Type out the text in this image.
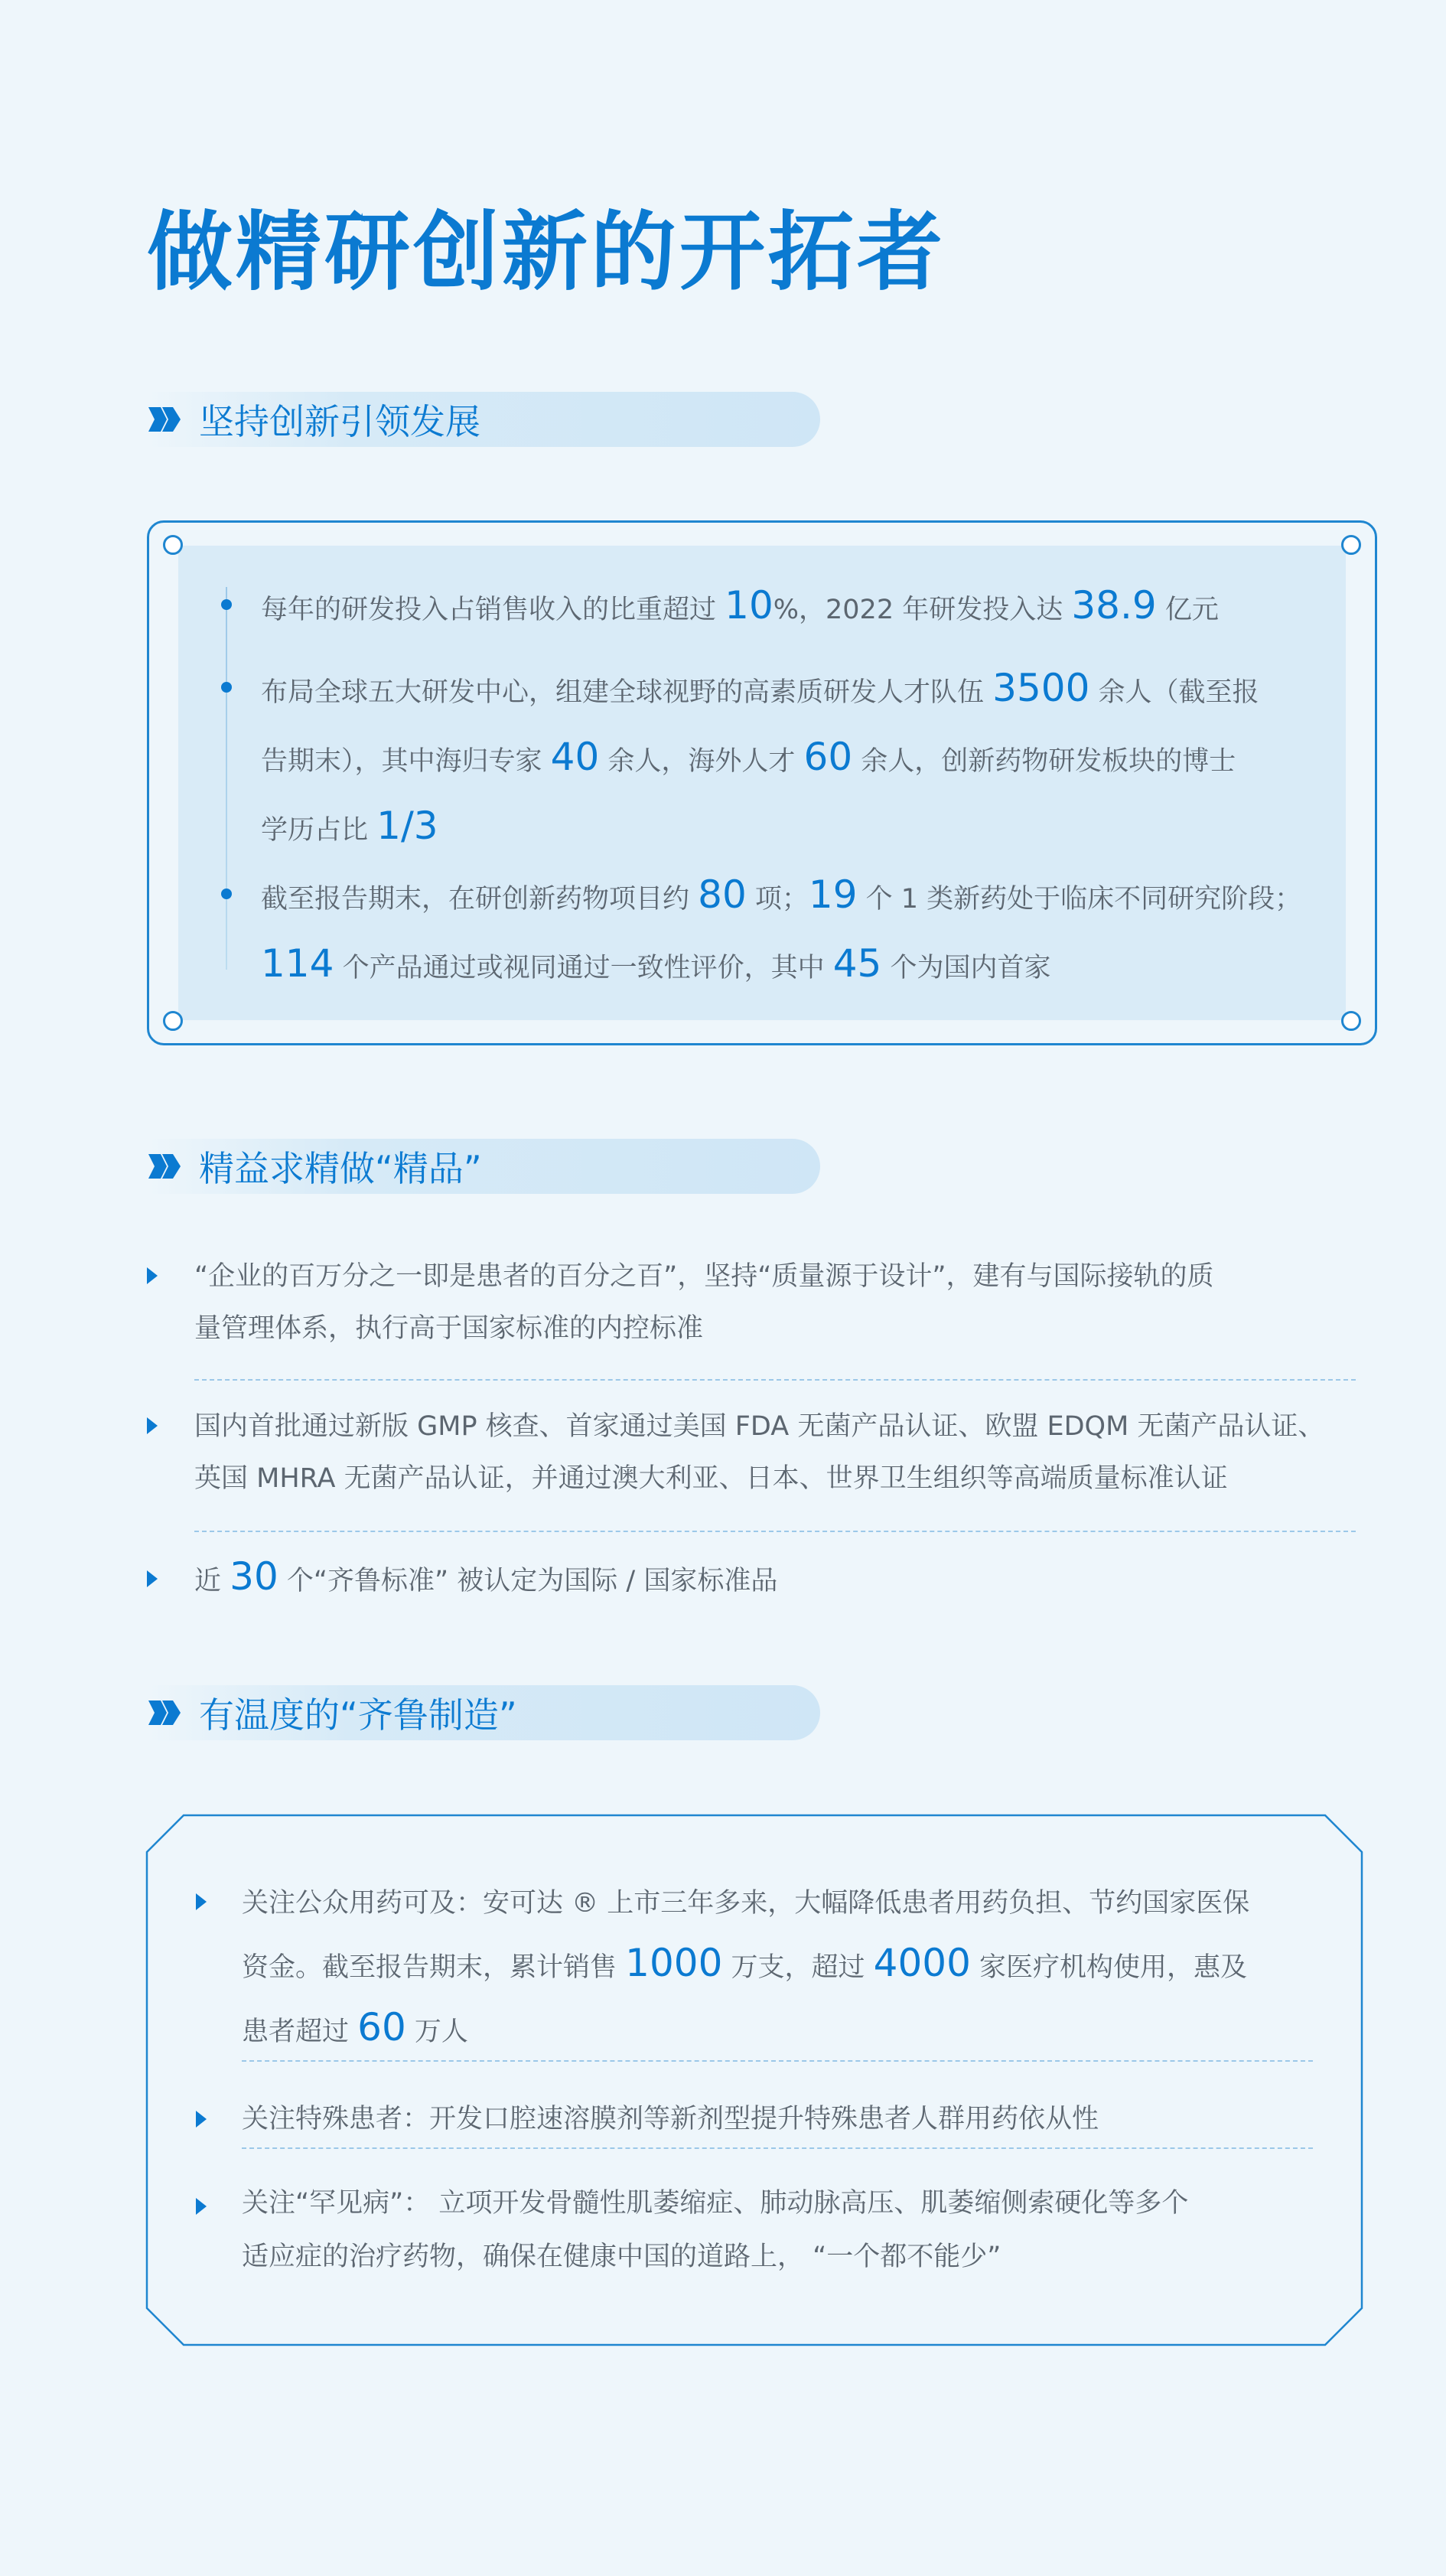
做精研创新的开拓者
坚持创新引领发展
每年的研发投入占销售收入的比重超过 10%，2022 年研发投入达 38.9 亿元
布局全球五大研发中心，组建全球视野的高素质研发人才队伍 3500 余人（截至报
告期末），其中海归专家 40 余人，海外人才 60 余人，创新药物研发板块的博士
学历占比 1/3
截至报告期末，在研创新药物项目约 80 项；19 个 1 类新药处于临床不同研究阶段；
114 个产品通过或视同通过一致性评价，其中 45 个为国内首家
精益求精做“精品”
“企业的百万分之一即是患者的百分之百”，坚持“质量源于设计”，建有与国际接轨的质
量管理体系，执行高于国家标准的内控标准
国内首批通过新版 GMP 核查、首家通过美国 FDA 无菌产品认证、欧盟 EDQM 无菌产品认证、
英国 MHRA 无菌产品认证，并通过澳大利亚、日本、世界卫生组织等高端质量标准认证
近 30 个“齐鲁标准” 被认定为国际 / 国家标准品
有温度的“齐鲁制造”
关注公众用药可及：安可达 ® 上市三年多来，大幅降低患者用药负担、节约国家医保
资金。截至报告期末，累计销售 1000 万支，超过 4000 家医疗机构使用，惠及
患者超过 60 万人
关注特殊患者：开发口腔速溶膜剂等新剂型提升特殊患者人群用药依从性
关注“罕见病”： 立项开发骨髓性肌萎缩症、肺动脉高压、肌萎缩侧索硬化等多个
适应症的治疗药物，确保在健康中国的道路上， “一个都不能少”
